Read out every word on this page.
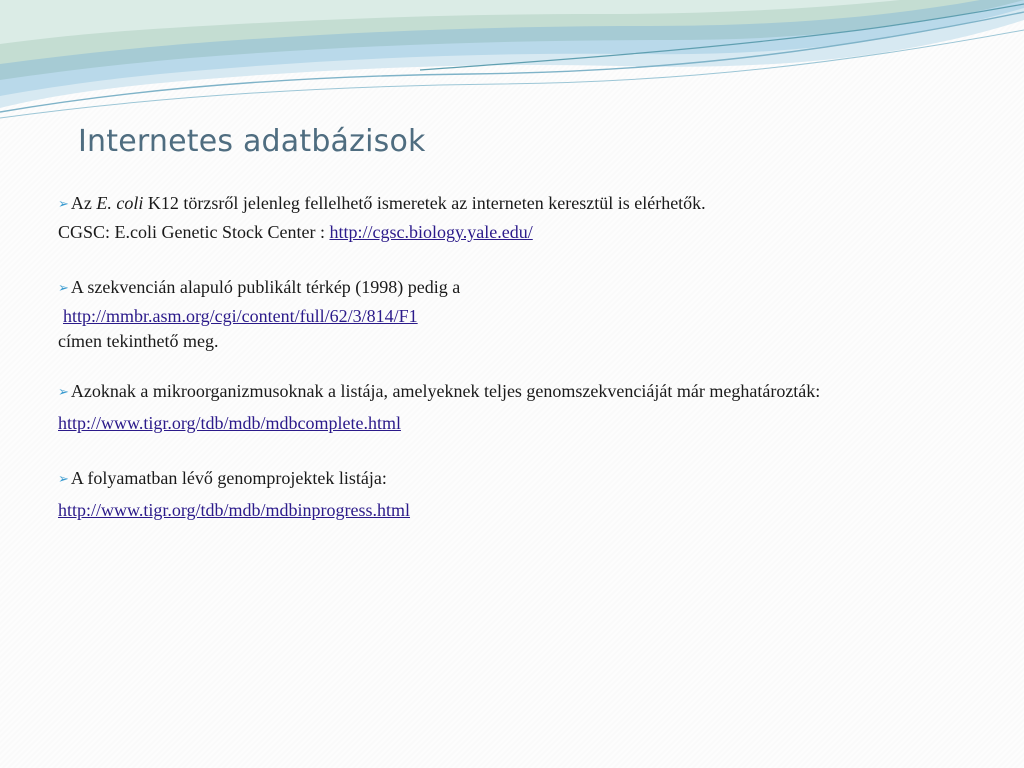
Internetes adatbázisok

➢ Az E. coli K12 törzsről jelenleg fellelhető ismeretek az interneten keresztül is elérhetők.

CGSC: E.coli Genetic Stock Center : http://cgsc.biology.yale.edu/

➢ A szekvencián alapuló publikált térkép (1998) pedig a

http://mmbr.asm.org/cgi/content/full/62/3/814/F1

címen tekinthető meg.

➢ Azoknak a mikroorganizmusoknak a listája, amelyeknek teljes genomszekvenciáját már meghatározták:

http://www.tigr.org/tdb/mdb/mdbcomplete.html

➢ A folyamatban lévő genomprojektek listája:

http://www.tigr.org/tdb/mdb/mdbinprogress.html
